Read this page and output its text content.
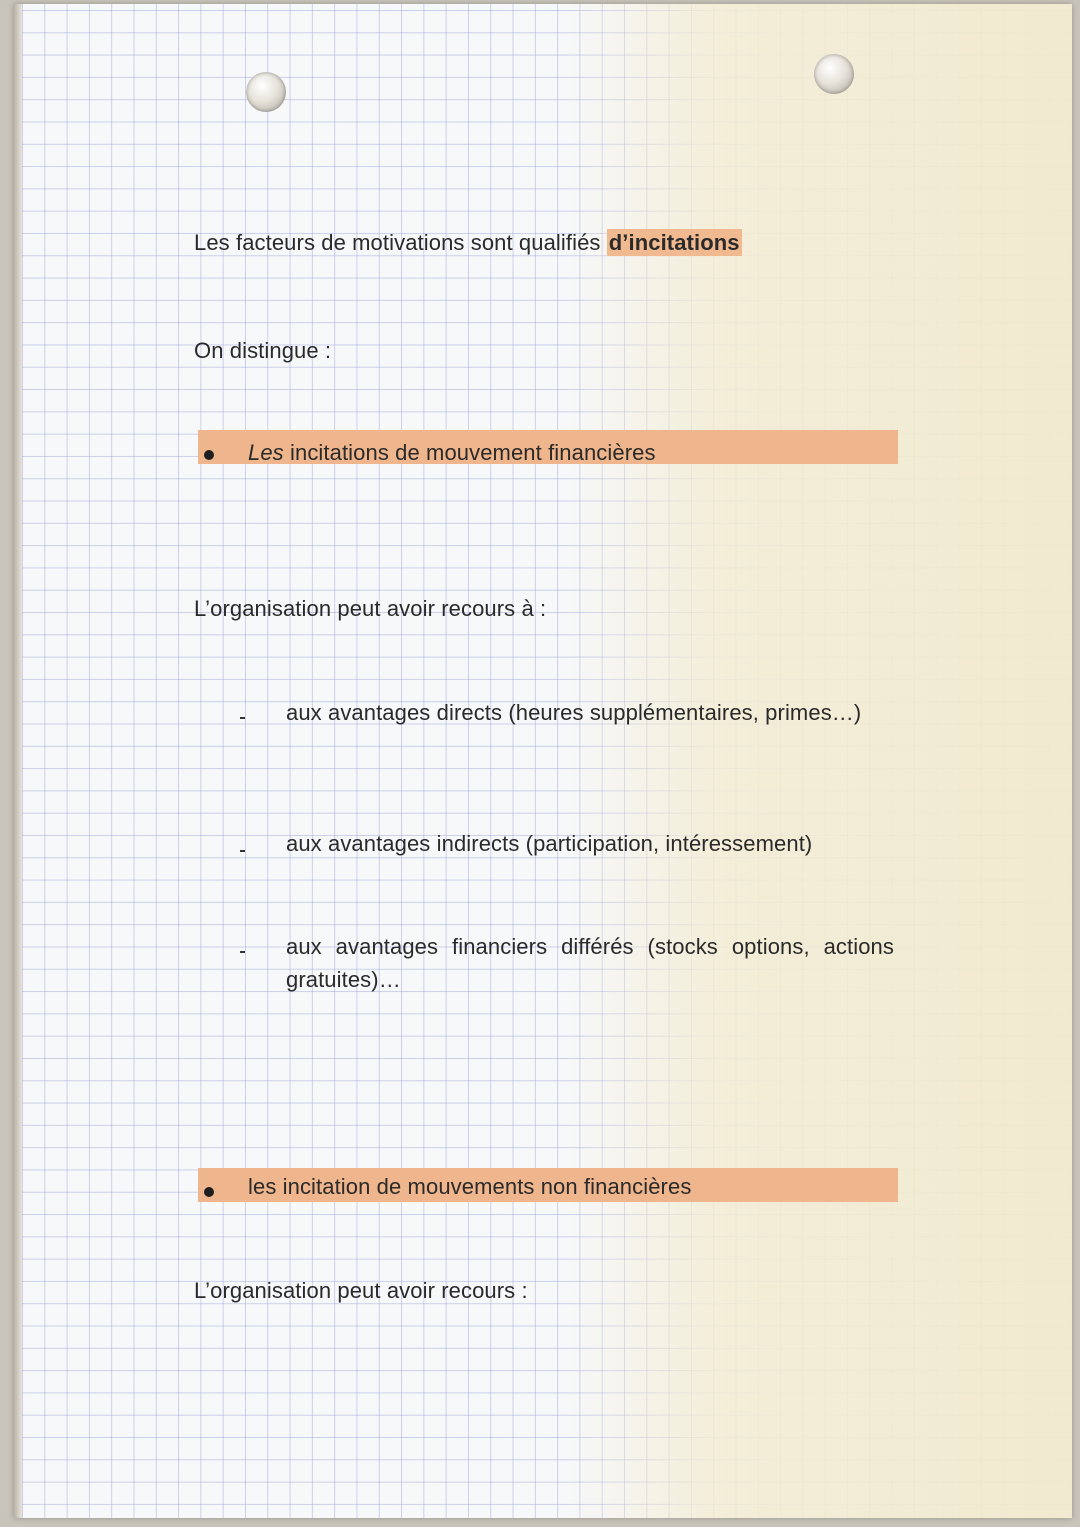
Les facteurs de motivations sont qualifiés d’incitations
On distingue :
Les incitations de mouvement financières
L’organisation peut avoir recours à :
aux avantages directs (heures supplémentaires, primes…)
aux avantages indirects (participation, intéressement)
aux avantages financiers différés (stocks options, actions gratuites)…
les incitation de mouvements non financières
L’organisation peut avoir recours :
